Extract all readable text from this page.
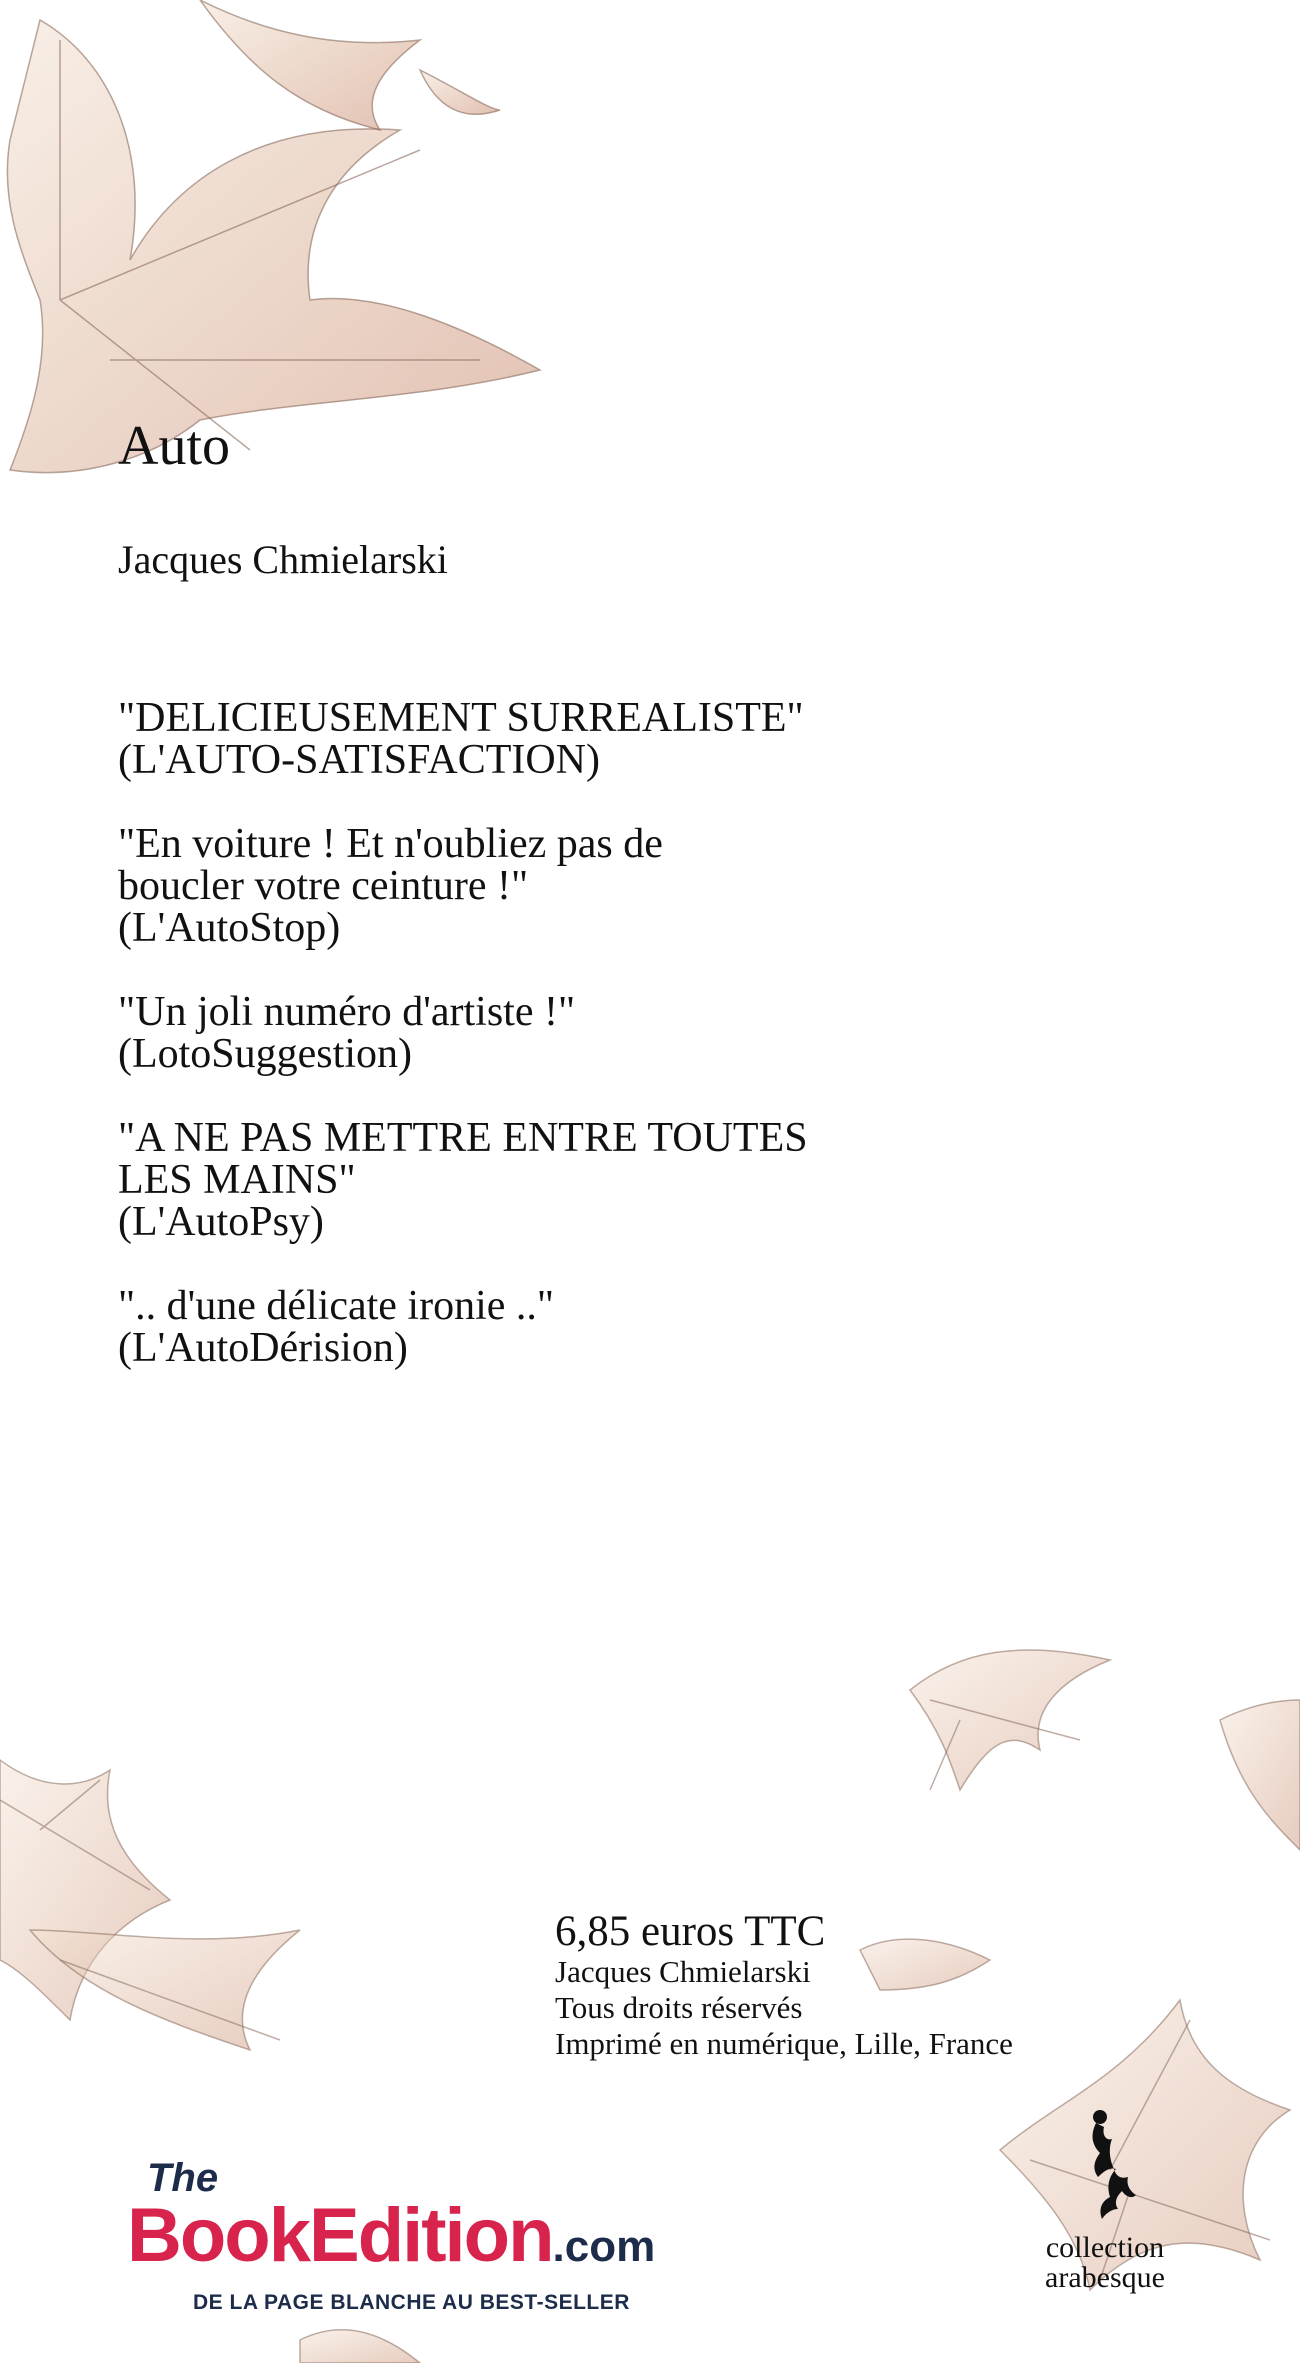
Auto
Jacques Chmielarski
"DELICIEUSEMENT SURREALISTE"
(L'AUTO-SATISFACTION)
"En voiture ! Et n'oubliez pas de
boucler votre ceinture !"
(L'AutoStop)
"Un joli numéro d'artiste !"
(LotoSuggestion)
"A NE PAS METTRE ENTRE TOUTES
LES MAINS"
(L'AutoPsy)
".. d'une délicate ironie .."
(L'AutoDérision)
6,85 euros TTC
Jacques Chmielarski
Tous droits réservés
Imprimé en numérique, Lille, France
The
BookEdition.com
DE LA PAGE BLANCHE AU BEST-SELLER
collection
arabesque
